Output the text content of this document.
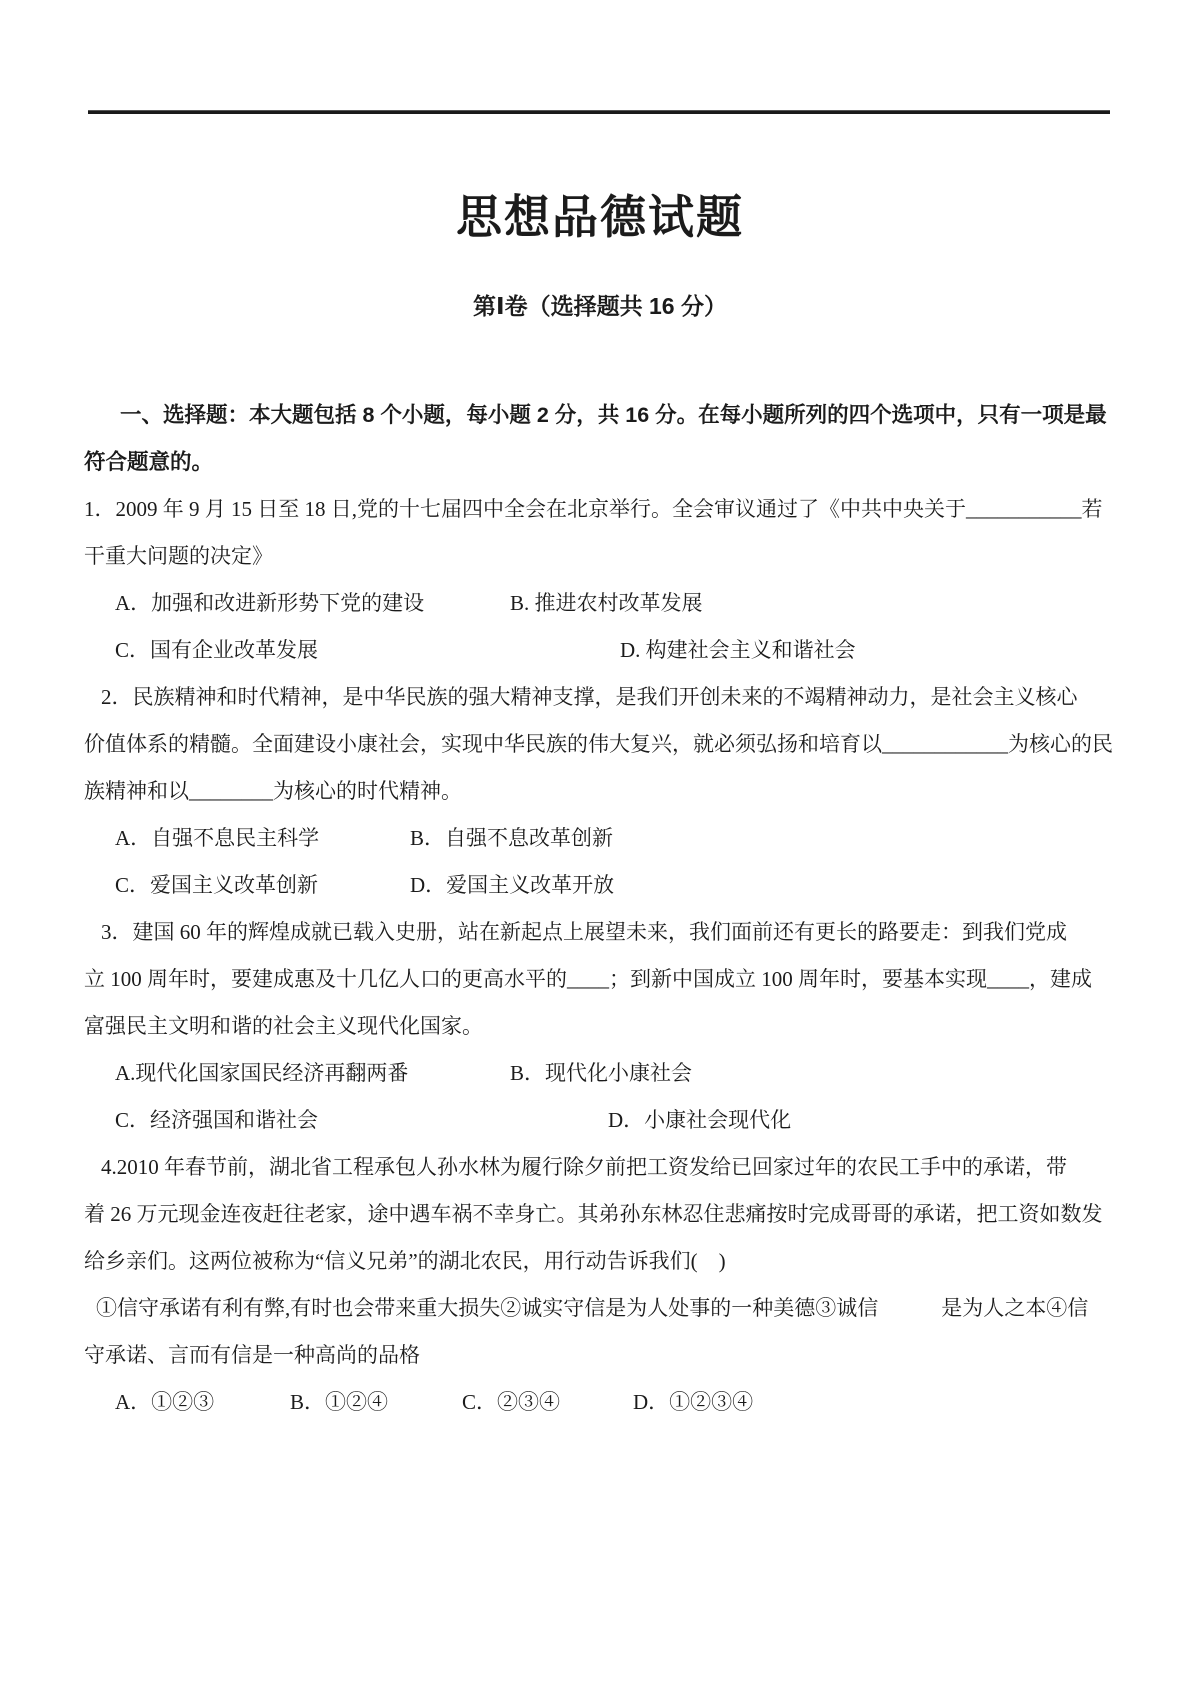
思想品德试题
第Ⅰ卷（选择题共 16 分）
一、选择题：本大题包括 8 个小题，每小题 2 分，共 16 分。在每小题所列的四个选项中，只有一项是最
符合题意的。
1．2009 年 9 月 15 日至 18 日,党的十七届四中全会在北京举行。全会审议通过了《中共中央关于___________若
干重大问题的决定》
A．加强和改进新形势下党的建设	B. 推进农村改革发展
C．国有企业改革发展	D. 构建社会主义和谐社会
2．民族精神和时代精神，是中华民族的强大精神支撑，是我们开创未来的不竭精神动力，是社会主义核心
价值体系的精髓。全面建设小康社会，实现中华民族的伟大复兴，就必须弘扬和培育以____________为核心的民
族精神和以________为核心的时代精神。
A．自强不息民主科学	B．自强不息改革创新
C．爱国主义改革创新	D．爱国主义改革开放
3．建国 60 年的辉煌成就已载入史册，站在新起点上展望未来，我们面前还有更长的路要走：到我们党成
立 100 周年时，要建成惠及十几亿人口的更高水平的____；到新中国成立 100 周年时，要基本实现____，建成
富强民主文明和谐的社会主义现代化国家。
A.现代化国家国民经济再翻两番	B．现代化小康社会
C．经济强国和谐社会	D．小康社会现代化
4.2010 年春节前，湖北省工程承包人孙水林为履行除夕前把工资发给已回家过年的农民工手中的承诺，带
着 26 万元现金连夜赶往老家，途中遇车祸不幸身亡。其弟孙东林忍住悲痛按时完成哥哥的承诺，把工资如数发
给乡亲们。这两位被称为“信义兄弟”的湖北农民，用行动告诉我们(　)
①信守承诺有利有弊,有时也会带来重大损失②诚实守信是为人处事的一种美德③诚信　　　是为人之本④信
守承诺、言而有信是一种高尚的品格
A．①②③	B．①②④	C．②③④	D．①②③④
